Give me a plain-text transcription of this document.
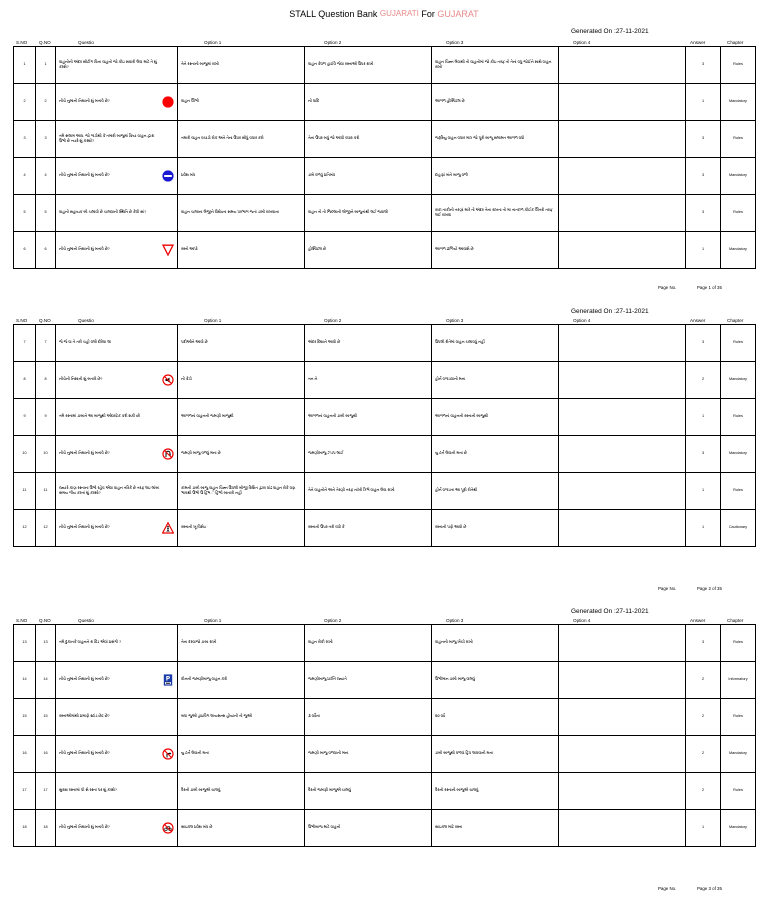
STALL Question Bank GUJARATI For GUJARAT
Generated On :27-11-2021
S.NO	Q.NO	Questio	Option 1	Option 2	Option 3	Option 4	Answer	Chapter
1	1	વાહનોની અંદર સીટીંગ વિના વાહનો જો કોઇ સવારી લેવા માટે તે શું કરશે?	તેને રસ્તાની બાજુમાં રાખો	વાહન કેવળ હાઈવે જેવા રસ્તાઓ ઉપર રાખો	વાહન ચિહ્ન લેવાથી તો વાહનોમાં જો કોઇ તરફ તો તેનાં વધુ જોઈને સાથે વાહન રાખો		3	Rules
2	2	નીચે નુમાનો નિશાની શું બતાવે છે?	વાહન ઊભો	નો વાદિ	આગળ હોસ્પિટલ છે		1	Mandatory
3	3	તમે સલામ આવ. જો ગાડીથી કે તમારી બાજુમાં ક્રિયા વાહન દ્વારા ઉભો છે ત્યારે શું કરશો?	તમારી વાહન વચાડી રોક અને તેના ઉપર સીધું વધાર કરો	તેના ઉપર બધું જો આપી વધાર કરો	જરૂરિયુ વાહન વધાર માત્ર જો પૂરી બાજૂ સલામત આગળ વધો		3	Rules
4	4	નીચે નુમાનો નિશાની શું બતાવે છે?	પ્રવેશ બંધ	ડાબે વળવું પ્રતિબંધ	દાહણાં બંને બાજુ વળો		3	Mandatory
5	5	વાહનો સહાયક બી ચલાવો છે ચાલવાની સ્થિતિ છે કેવી સાં?	વાહન ચાલાના લેજીને વિશેષતા સમય પરભાગ જતાં ડાબી રાખવાના	વાહન તો તો જિલ્લાની લોજીને બાજુતાંથી લઈ જવાલો	રાકા તાકીની તરણાં મારે તો અંદર તેના રાખતા તો મા તાત્કાળ કોઈક ઊતરો તરફ લઈ રાખવા		3	Rules
6	6	નીચે નુમાનો નિશાની શું બતાવે છે?	રસ્તો આપો	હોસ્પિટલ છે	આગળ ઢાળિયો આવાશે છે		1	Mandatory
Page No.	Page 1 of 35
Generated On :27-11-2021
S.NO	Q.NO	Questio	Option 1	Option 2	Option 3	Option 4	Answer	Chapter
7	7	જે જે વા તે તરી ચહો વલો દોરેવા લા	પદીઓને આવો છે	અંદર દિશાને આવો છે	ઉપલી રીતેમાં વાહન ચલાવવું નહીં		3	Rules
8	8	નીચેની નિશાની શું બતાવે છે?	નો ક્રેડી	તન ને	હોર્ન વગાડવાનો મના		2	Mandatory
9	9	તમે રસ્તામાં ડાબાને આ બાજુથી ઓવરટેક કરી શકો છો	આગળનાં વાહનની જમણી બાજુથી	આગળનાં વાહનની ડાબી બાજુથી	આગળનાં વાહનની રસ્તાની બાજુથી		1	Rules
10	10	નીચે નુમાનો નિશાની શું બતાવે છે?	જમણી બાજુ વળવું મના છે	જમણીબાજુ ઝડપ લાઈ	યુ ટર્ન લેવાની મના છે		3	Mandatory
11	11	જ્યારે કાણ રસ્તાના ઉભો રહેવ એવા વાહન તરિકે છે તરફ લઇ લાંબા સમય ગીંય કરતાં શું કરશો?	કામની ડાબી બાજુ વાહન ચિહ્ન ઉપલી બીજી રિશિત દ્વારા વાંઢ વાહન રોકે વણ ભાવથી ઉભો ઉ ટ્રિભ ે ટ્રિભી બાતારી નહીં	તેને વાહનોને અને તેરણી તરફ નાંખી ત્રિભે વાહન લેવા રાખો	હોર્ન વગાડતા આ પૂરી રીતેથી		1	Rules
12	12	નીચે નુમાનો નિશાની શું બતાવે છે?	રસ્તાની ખૂ વિશેષ	રસ્તાની ઉપર તરી વધો કે	રસ્તાની પણે આવો છે		1	Cautionary
Page No.	Page 2 of 35
Generated On :27-11-2021
S.NO	Q.NO	Questio	Option 1	Option 2	Option 3	Option 4	Answer	Chapter
13	13	તમે દુકાનકે વાહનને રા દિંડ એવાં પ્રસંગો ?	તેના દરવાજો ડાબા રાખો	વાહન રોકી રાખો	વાહનની બાજુ ખેંચી રાખો		3	Rules
14	14	નીચે નુમાનો નિશાની શું બતાવે છે? P	વીનની જમણીબાજુ વાહન કરો	જમણીબાજુ પ્રાપ્તિ જ્યાતે	ઉભીમાન ડાબી બાજુ વાલવું		2	Informatory
15	15	રસ્તાઓમાંથી પ્રમાણે સ્ટાંડ છેટ છે?	બધા જુઓ ડ્રાઇવિંગ લાયસન્સ હોયાની તો જુઓ	૩ વર્ષેના	૨૦ વર્ષ		2	Rules
16	16	નીચે નુમાનો નિશાની શું બતાવે છે?	યુ ટર્ન લેવાની મના	જમણી બાજુ વળવાની મના	ડાબી બાજુથી વળવાં ટ્રિપ લાવવાની મના		2	Mandatory
17	17	સુરક્ષા રસ્તામાં પી સે રસ્તા પર શું કરશે?	વૈરની ડાબી બાજુએ ચાલવું	વૈરની જમણી બાજુએ ચાલવું	વૈરની રસ્તાની બાજુએ ચાલવું		2	Rules
18	18	નીચે નુમાનો નિશાની શું બતાવે છે?	સાઇકલ પ્રવેશ બંધ છે	ઉભીબાજ માટે વાહનો	સાઇકલ માટે રસ્તા		1	Mandatory
Page No.	Page 3 of 35
